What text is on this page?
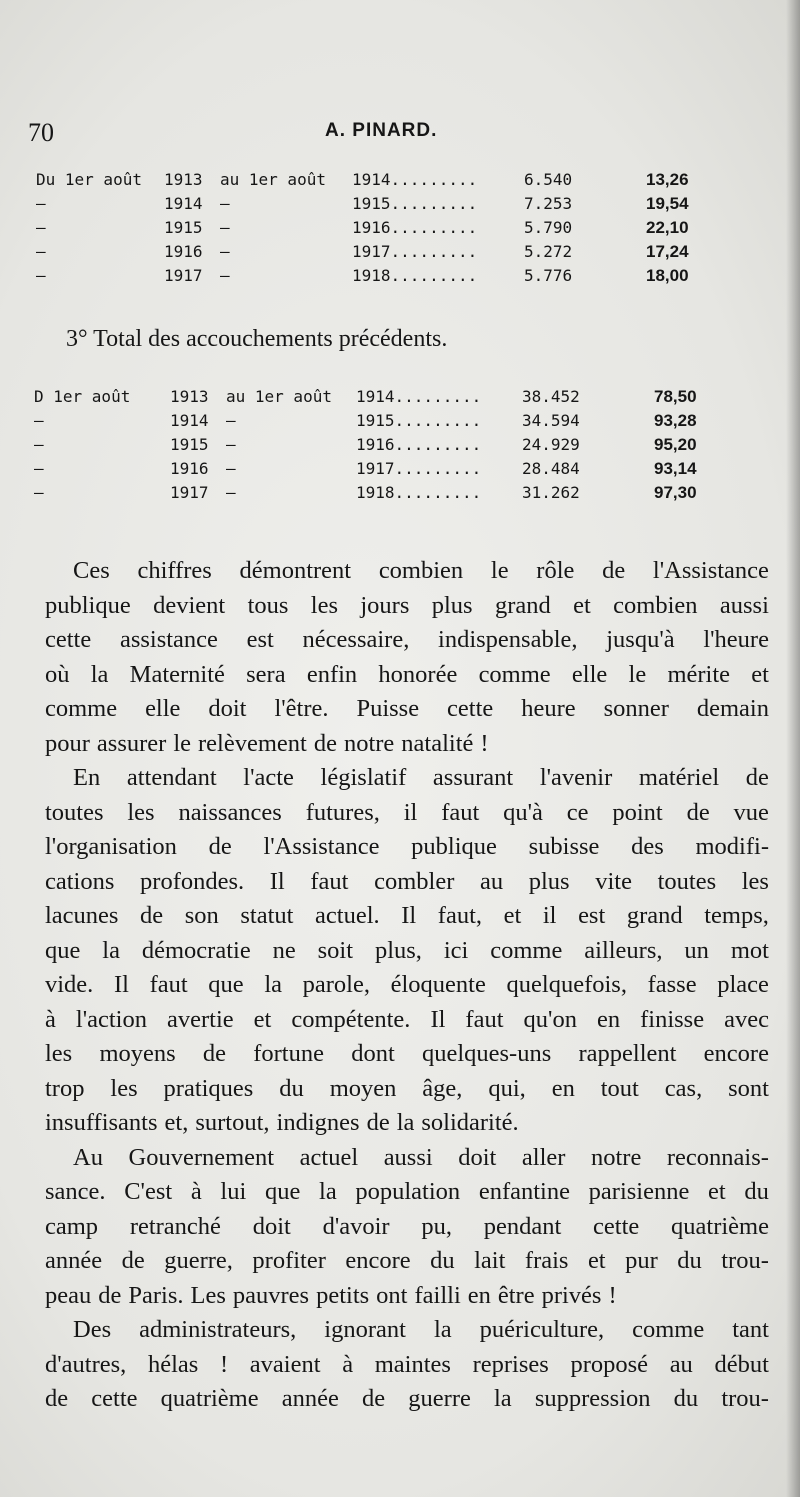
70	A. PINARD.
Du 1er août 1913 au 1er août 1914.........	6.540	13,26
—	1914 —	1915.........	7.253	19,54
—	1915 —	1916.........	5.790	22,10
—	1916 —	1917.........	5.272	17,24
—	1917 —	1918.........	5.776	18,00
3° Total des accouchements précédents.
D 1er août 1913 au 1er août 1914.........	38.452	78,50
—	1914 —	1915.........	34.594	93,28
—	1915 —	1916.........	24.929	95,20
—	1916 —	1917.........	28.484	93,14
—	1917 —	1918.........	31.262	97,30
Ces chiffres démontrent combien le rôle de l'Assistance
publique devient tous les jours plus grand et combien aussi
cette assistance est nécessaire, indispensable, jusqu'à l'heure
où la Maternité sera enfin honorée comme elle le mérite et
comme elle doit l'être. Puisse cette heure sonner demain
pour assurer le relèvement de notre natalité !
En attendant l'acte législatif assurant l'avenir matériel de
toutes les naissances futures, il faut qu'à ce point de vue
l'organisation de l'Assistance publique subisse des modifi-
cations profondes. Il faut combler au plus vite toutes les
lacunes de son statut actuel. Il faut, et il est grand temps,
que la démocratie ne soit plus, ici comme ailleurs, un mot
vide. Il faut que la parole, éloquente quelquefois, fasse place
à l'action avertie et compétente. Il faut qu'on en finisse avec
les moyens de fortune dont quelques-uns rappellent encore
trop les pratiques du moyen âge, qui, en tout cas, sont
insuffisants et, surtout, indignes de la solidarité.
Au Gouvernement actuel aussi doit aller notre reconnais-
sance. C'est à lui que la population enfantine parisienne et du
camp retranché doit d'avoir pu, pendant cette quatrième
année de guerre, profiter encore du lait frais et pur du trou-
peau de Paris. Les pauvres petits ont failli en être privés !
Des administrateurs, ignorant la puériculture, comme tant
d'autres, hélas ! avaient à maintes reprises proposé au début
de cette quatrième année de guerre la suppression du trou-
